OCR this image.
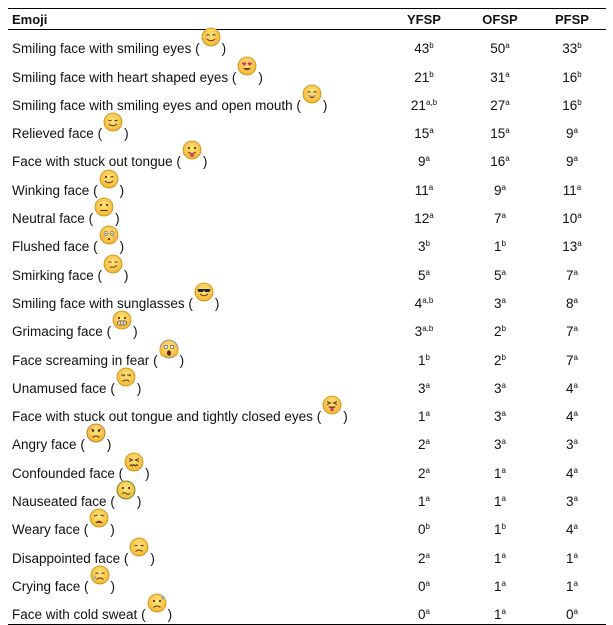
Emoji	YFSP	OFSP	PFSP
Smiling face with smiling eyes ( )	43$^b$	50$^a$	33$^b$
Smiling face with heart shaped eyes ( )	21$^b$	31$^a$	16$^b$
Smiling face with smiling eyes and open mouth ( )	21$^{a,b}$	27$^a$	16$^b$
Relieved face ( )	15$^a$	15$^a$	9$^a$
Face with stuck out tongue ( )	9$^a$	16$^a$	9$^a$
Winking face ( )	11$^a$	9$^a$	11$^a$
Neutral face ( )	12$^a$	7$^a$	10$^a$
Flushed face ( )	3$^b$	1$^b$	13$^a$
Smirking face ( )	5$^a$	5$^a$	7$^a$
Smiling face with sunglasses ( )	4$^{a,b}$	3$^a$	8$^a$
Grimacing face ( )	3$^{a,b}$	2$^b$	7$^a$
Face screaming in fear ( )	1$^b$	2$^b$	7$^a$
Unamused face ( )	3$^a$	3$^a$	4$^a$
Face with stuck out tongue and tightly closed eyes ( )	1$^a$	3$^a$	4$^a$
Angry face ( )	2$^a$	3$^a$	3$^a$
Confounded face ( )	2$^a$	1$^a$	4$^a$
Nauseated face ( )	1$^a$	1$^a$	3$^a$
Weary face ( )	0$^b$	1$^b$	4$^a$
Disappointed face ( )	2$^a$	1$^a$	1$^a$
Crying face ( )	0$^a$	1$^a$	1$^a$
Face with cold sweat ( )	0$^a$	1$^a$	0$^a$
